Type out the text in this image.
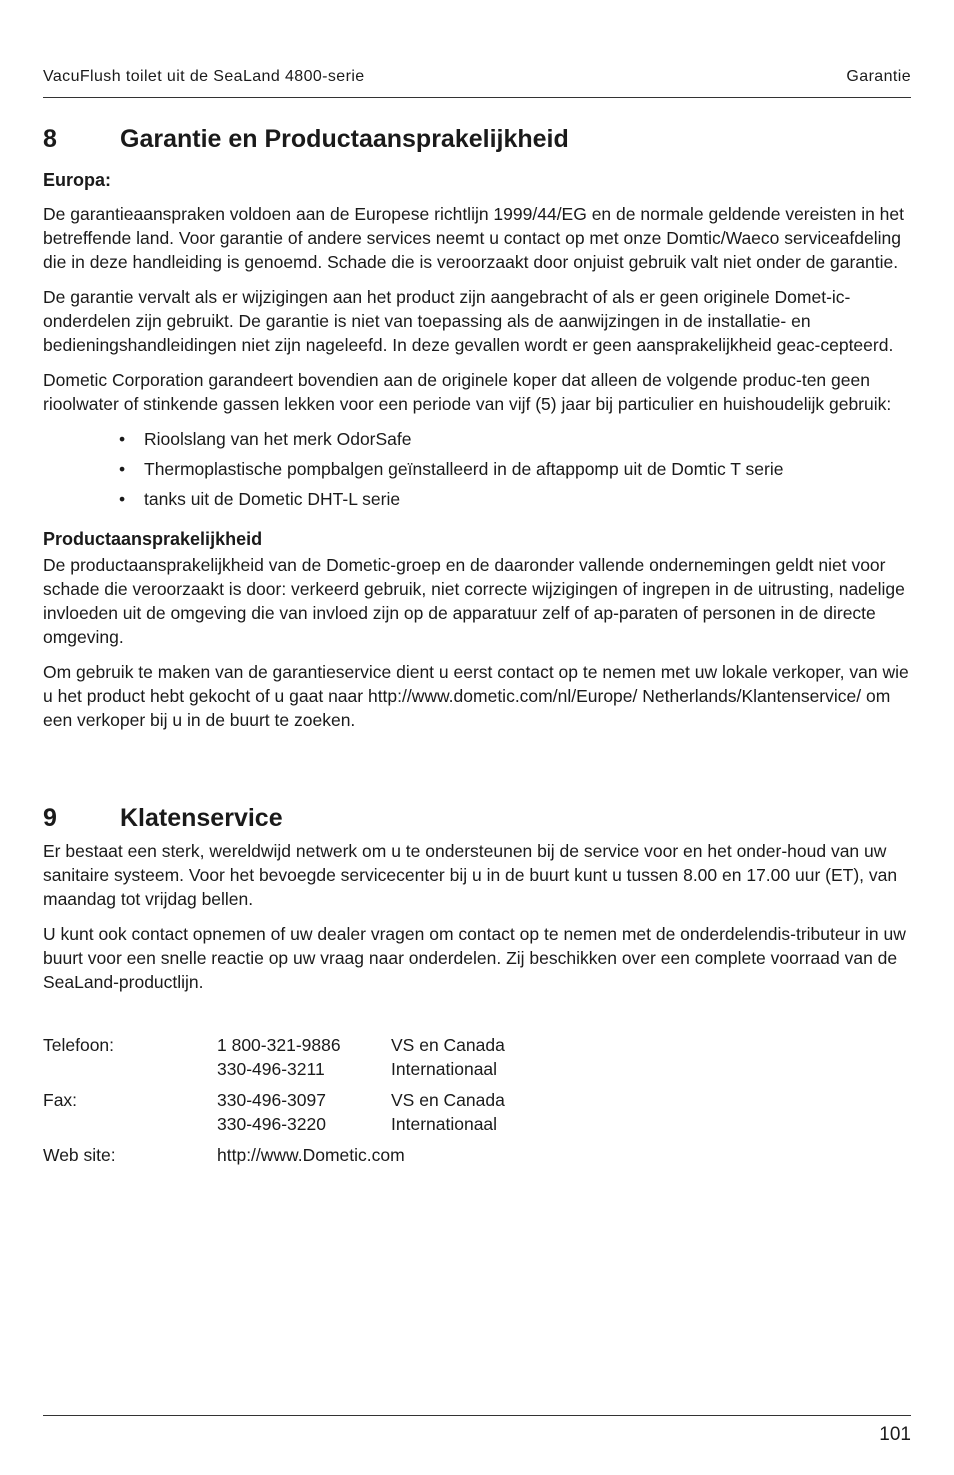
VacuFlush toilet uit de SeaLand 4800-serie	Garantie
8	Garantie en Productaansprakelijkheid
Europa:

De garantieaanspraken voldoen aan de Europese richtlijn 1999/44/EG en de normale geldende vereisten in het betreffende land. Voor garantie of andere services neemt u contact op met onze Domtic/Waeco serviceafdeling die in deze handleiding is genoemd. Schade die is veroorzaakt door onjuist gebruik valt niet onder de garantie.

De garantie vervalt als er wijzigingen aan het product zijn aangebracht of als er geen originele Domet-ic-onderdelen zijn gebruikt. De garantie is niet van toepassing als de aanwijzingen in de installatie- en bedieningshandleidingen niet zijn nageleefd. In deze gevallen wordt er geen aansprakelijkheid geac-cepteerd.

Dometic Corporation garandeert bovendien aan de originele koper dat alleen de volgende produc-ten geen rioolwater of stinkende gassen lekken voor een periode van vijf (5) jaar bij particulier en huishoudelijk gebruik:

• Rioolslang van het merk OdorSafe
• Thermoplastische pompbalgen geïnstalleerd in de aftappomp uit de Domtic T serie
• tanks uit de Dometic DHT-L serie
Productaansprakelijkheid

De productaansprakelijkheid van de Dometic-groep en de daaronder vallende ondernemingen geldt niet voor schade die veroorzaakt is door: verkeerd gebruik, niet correcte wijzigingen of ingrepen in de uitrusting, nadelige invloeden uit de omgeving die van invloed zijn op de apparatuur zelf of ap-paraten of personen in de directe omgeving.

Om gebruik te maken van de garantieservice dient u eerst contact op te nemen met uw lokale verkoper, van wie u het product hebt gekocht of u gaat naar http://www.dometic.com/nl/Europe/ Netherlands/Klantenservice/ om een verkoper bij u in de buurt te zoeken.

9	Klatenservice

Er bestaat een sterk, wereldwijd netwerk om u te ondersteunen bij de service voor en het onder-houd van uw sanitaire systeem. Voor het bevoegde servicecenter bij u in de buurt kunt u tussen 8.00 en 17.00 uur (ET), van maandag tot vrijdag bellen.

U kunt ook contact opnemen of uw dealer vragen om contact op te nemen met de onderdelendis-tributeur in uw buurt voor een snelle reactie op uw vraag naar onderdelen. Zij beschikken over een complete voorraad van de SeaLand-productlijn.

Telefoon:	1 800-321-9886	VS en Canada
	330-496-3211	Internationaal

Fax:	330-496-3097	VS en Canada
	330-496-3220	Internationaal

Web site:	http://www.Dometic.com	
101
